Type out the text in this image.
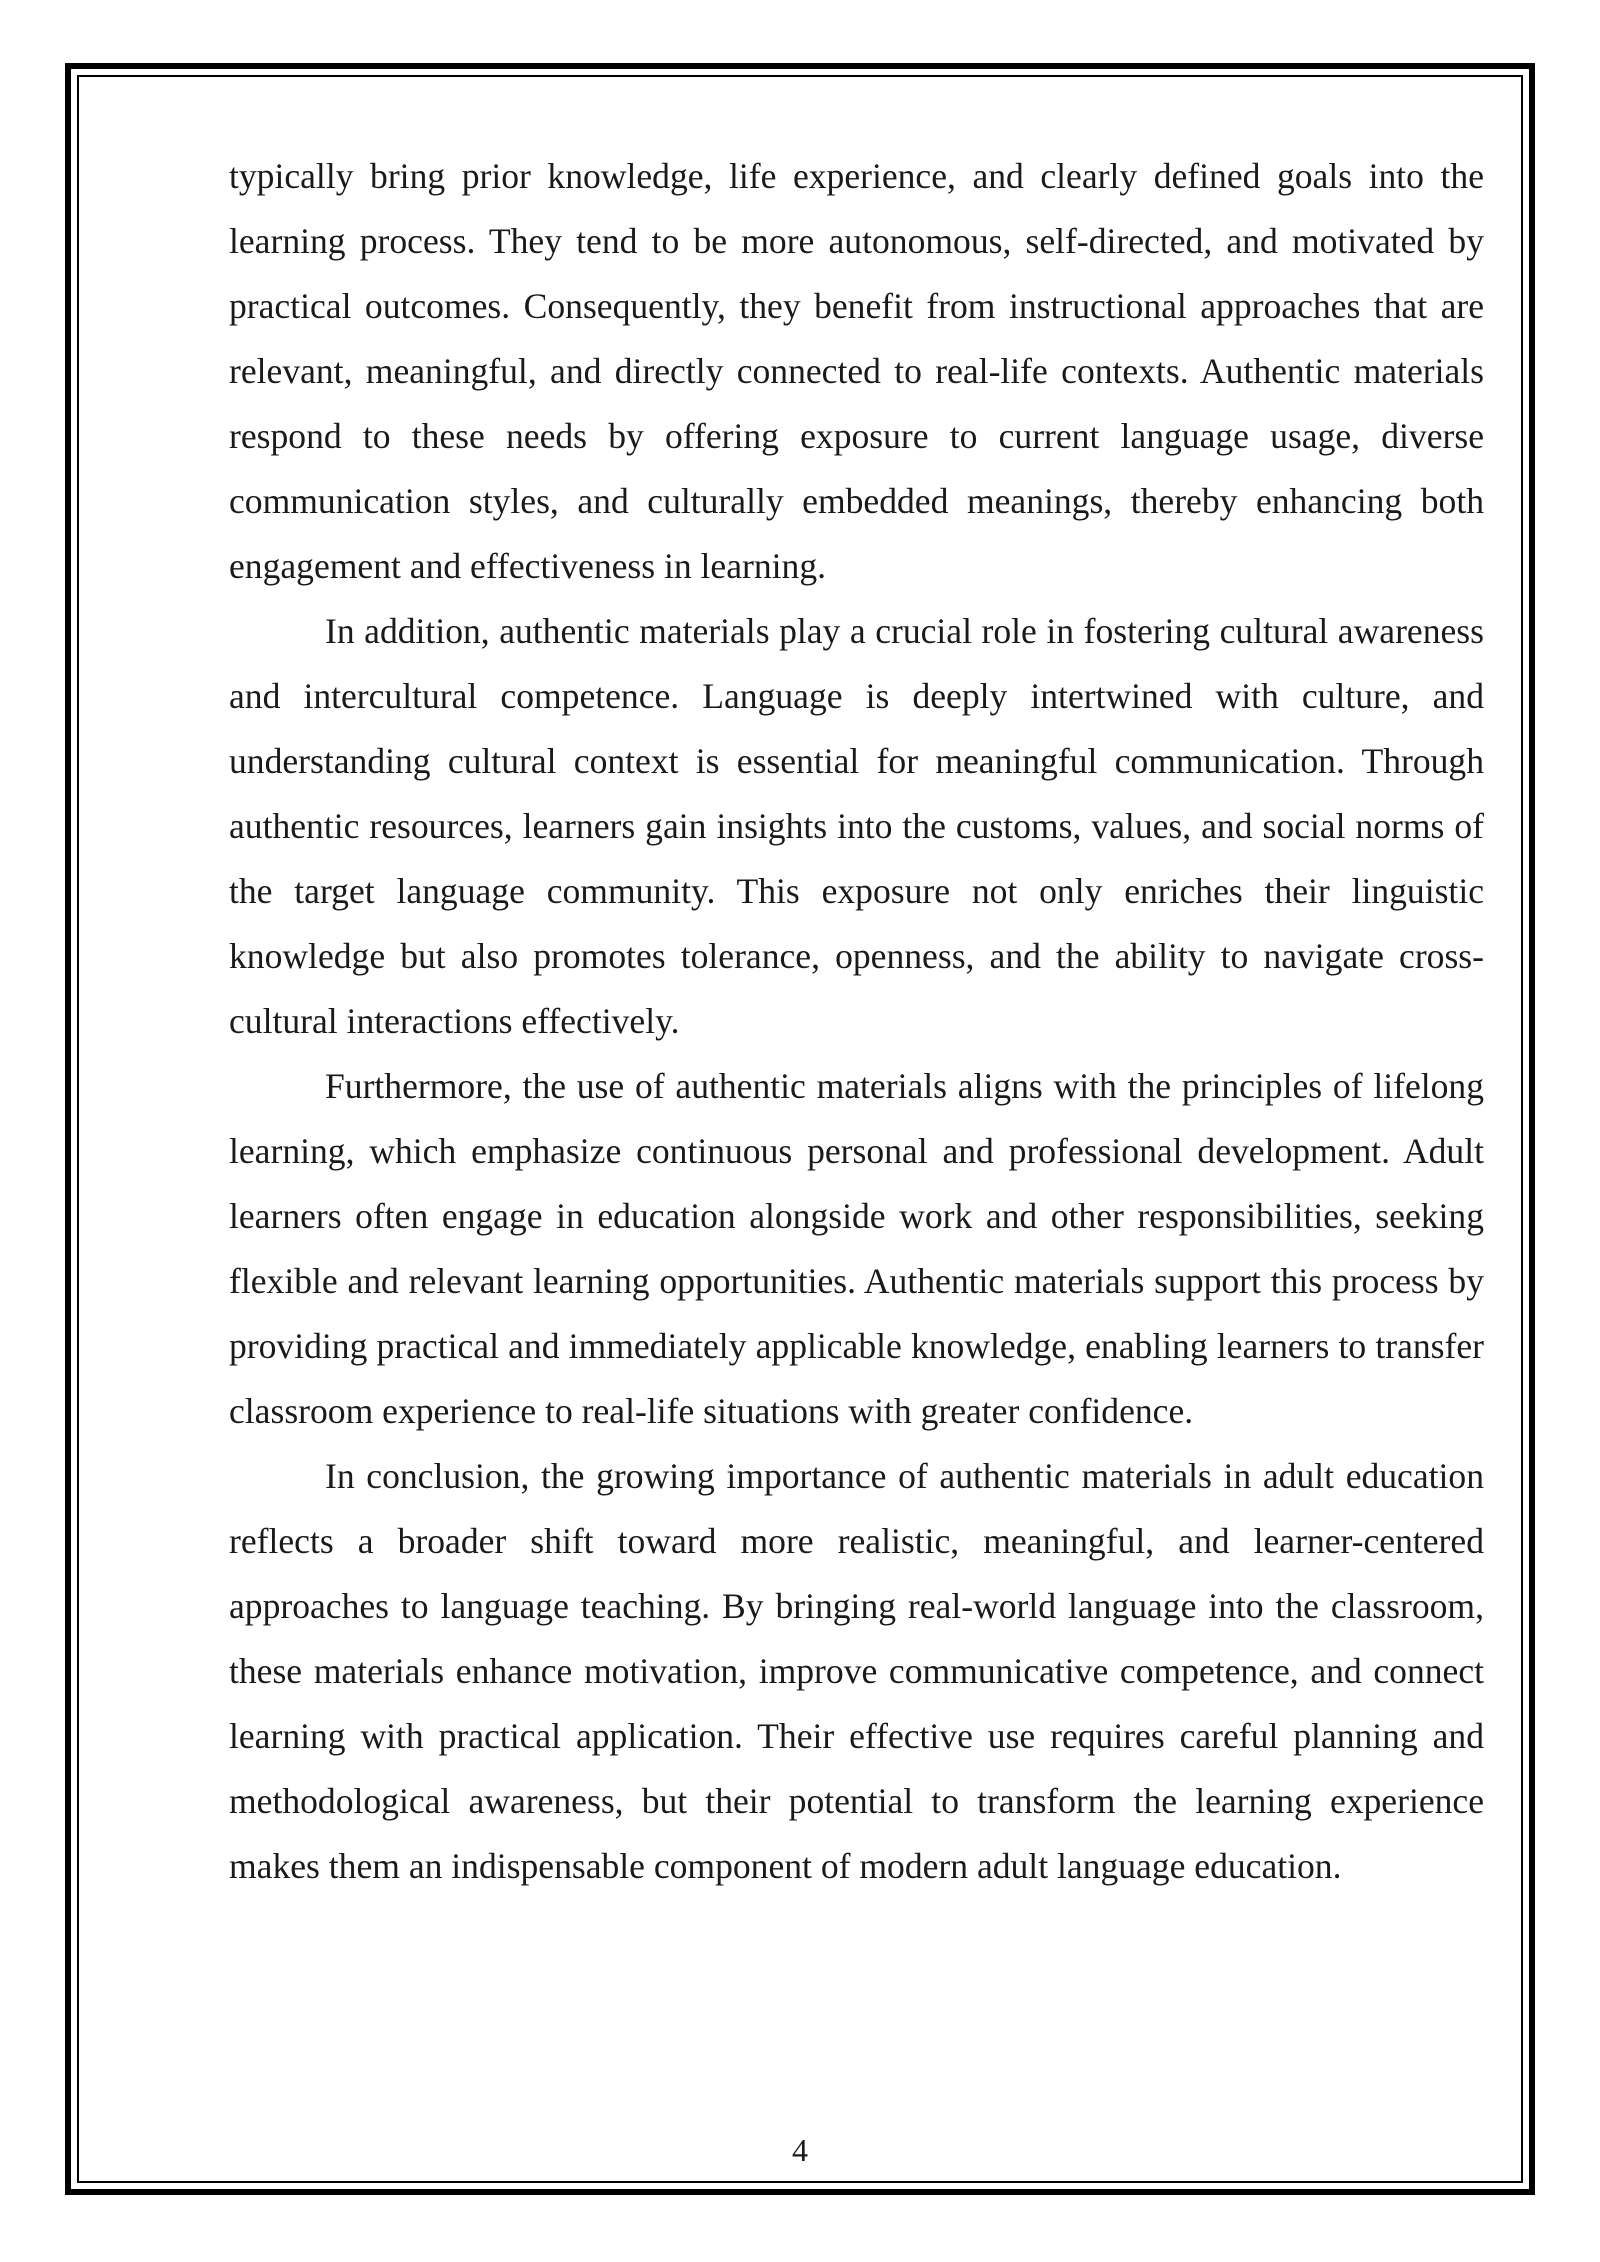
typically bring prior knowledge, life experience, and clearly defined goals into the learning process. They tend to be more autonomous, self-directed, and motivated by practical outcomes. Consequently, they benefit from instructional approaches that are relevant, meaningful, and directly connected to real-life contexts. Authentic materials respond to these needs by offering exposure to current language usage, diverse communication styles, and culturally embedded meanings, thereby enhancing both engagement and effectiveness in learning.

In addition, authentic materials play a crucial role in fostering cultural awareness and intercultural competence. Language is deeply intertwined with culture, and understanding cultural context is essential for meaningful communication. Through authentic resources, learners gain insights into the customs, values, and social norms of the target language community. This exposure not only enriches their linguistic knowledge but also promotes tolerance, openness, and the ability to navigate cross-cultural interactions effectively.

Furthermore, the use of authentic materials aligns with the principles of lifelong learning, which emphasize continuous personal and professional development. Adult learners often engage in education alongside work and other responsibilities, seeking flexible and relevant learning opportunities. Authentic materials support this process by providing practical and immediately applicable knowledge, enabling learners to transfer classroom experience to real-life situations with greater confidence.

In conclusion, the growing importance of authentic materials in adult education reflects a broader shift toward more realistic, meaningful, and learner-centered approaches to language teaching. By bringing real-world language into the classroom, these materials enhance motivation, improve communicative competence, and connect learning with practical application. Their effective use requires careful planning and methodological awareness, but their potential to transform the learning experience makes them an indispensable component of modern adult language education.

4
